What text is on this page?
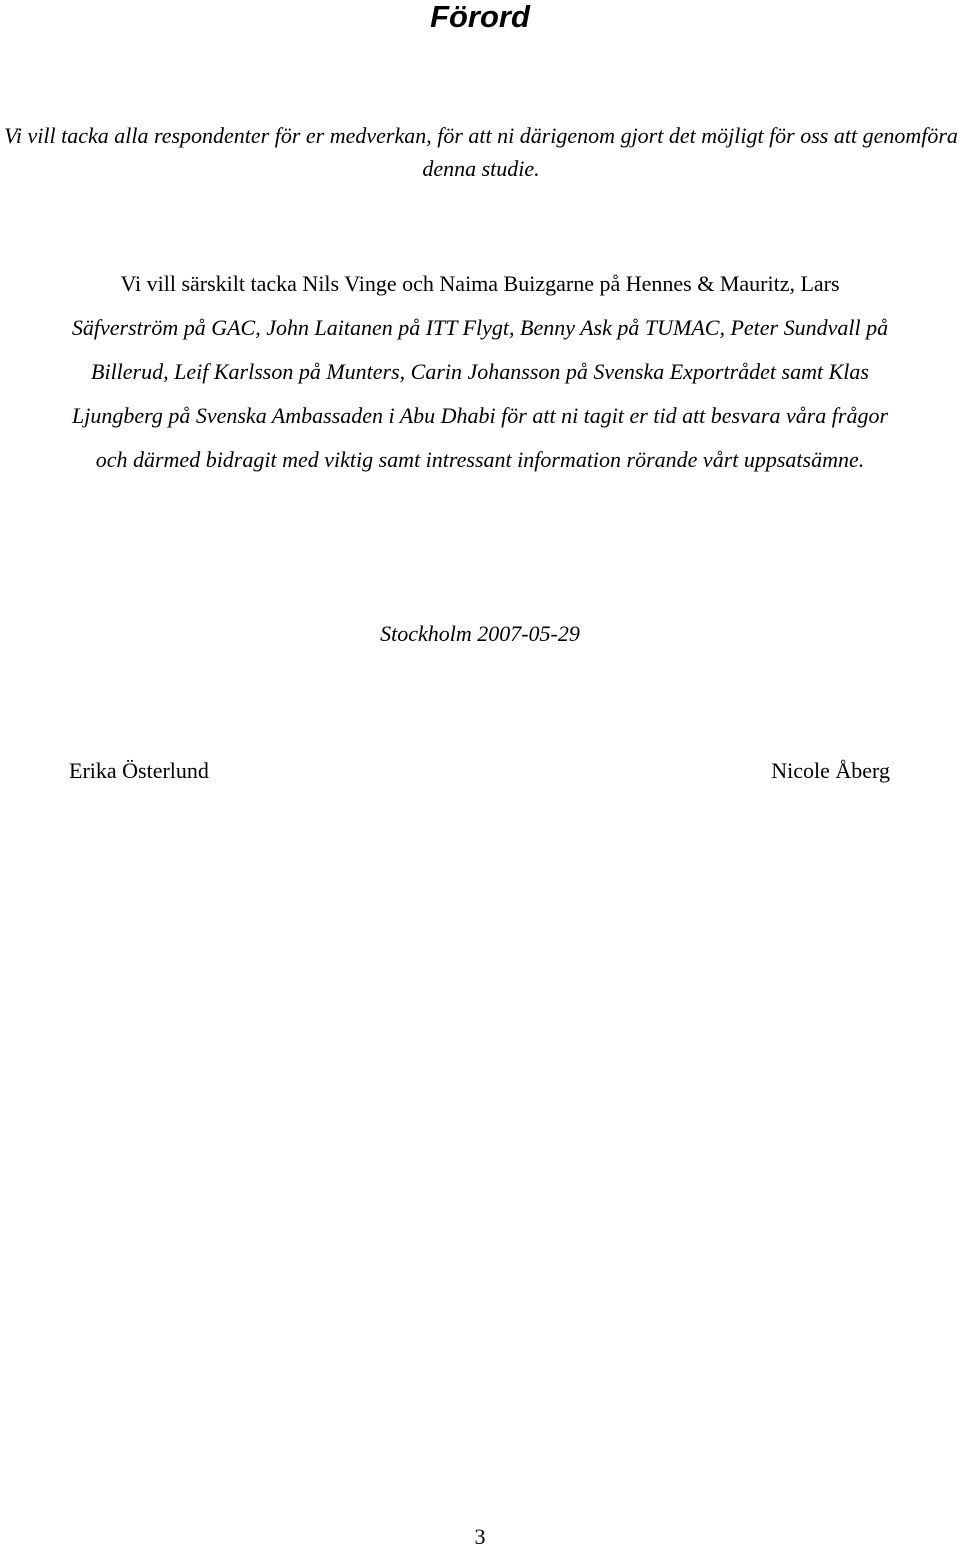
Förord

Vi vill tacka alla respondenter för er medverkan, för att ni därigenom gjort det möjligt för oss att genomföra denna studie.

Vi vill särskilt tacka Nils Vinge och Naima Buizgarne på Hennes & Mauritz, Lars
Säfverström på GAC, John Laitanen på ITT Flygt, Benny Ask på TUMAC, Peter Sundvall på
Billerud, Leif Karlsson på Munters, Carin Johansson på Svenska Exportrådet samt Klas
Ljungberg på Svenska Ambassaden i Abu Dhabi för att ni tagit er tid att besvara våra frågor
och därmed bidragit med viktig samt intressant information rörande vårt uppsatsämne.
Stockholm 2007-05-29
Erika Österlund	Nicole Åberg
3
